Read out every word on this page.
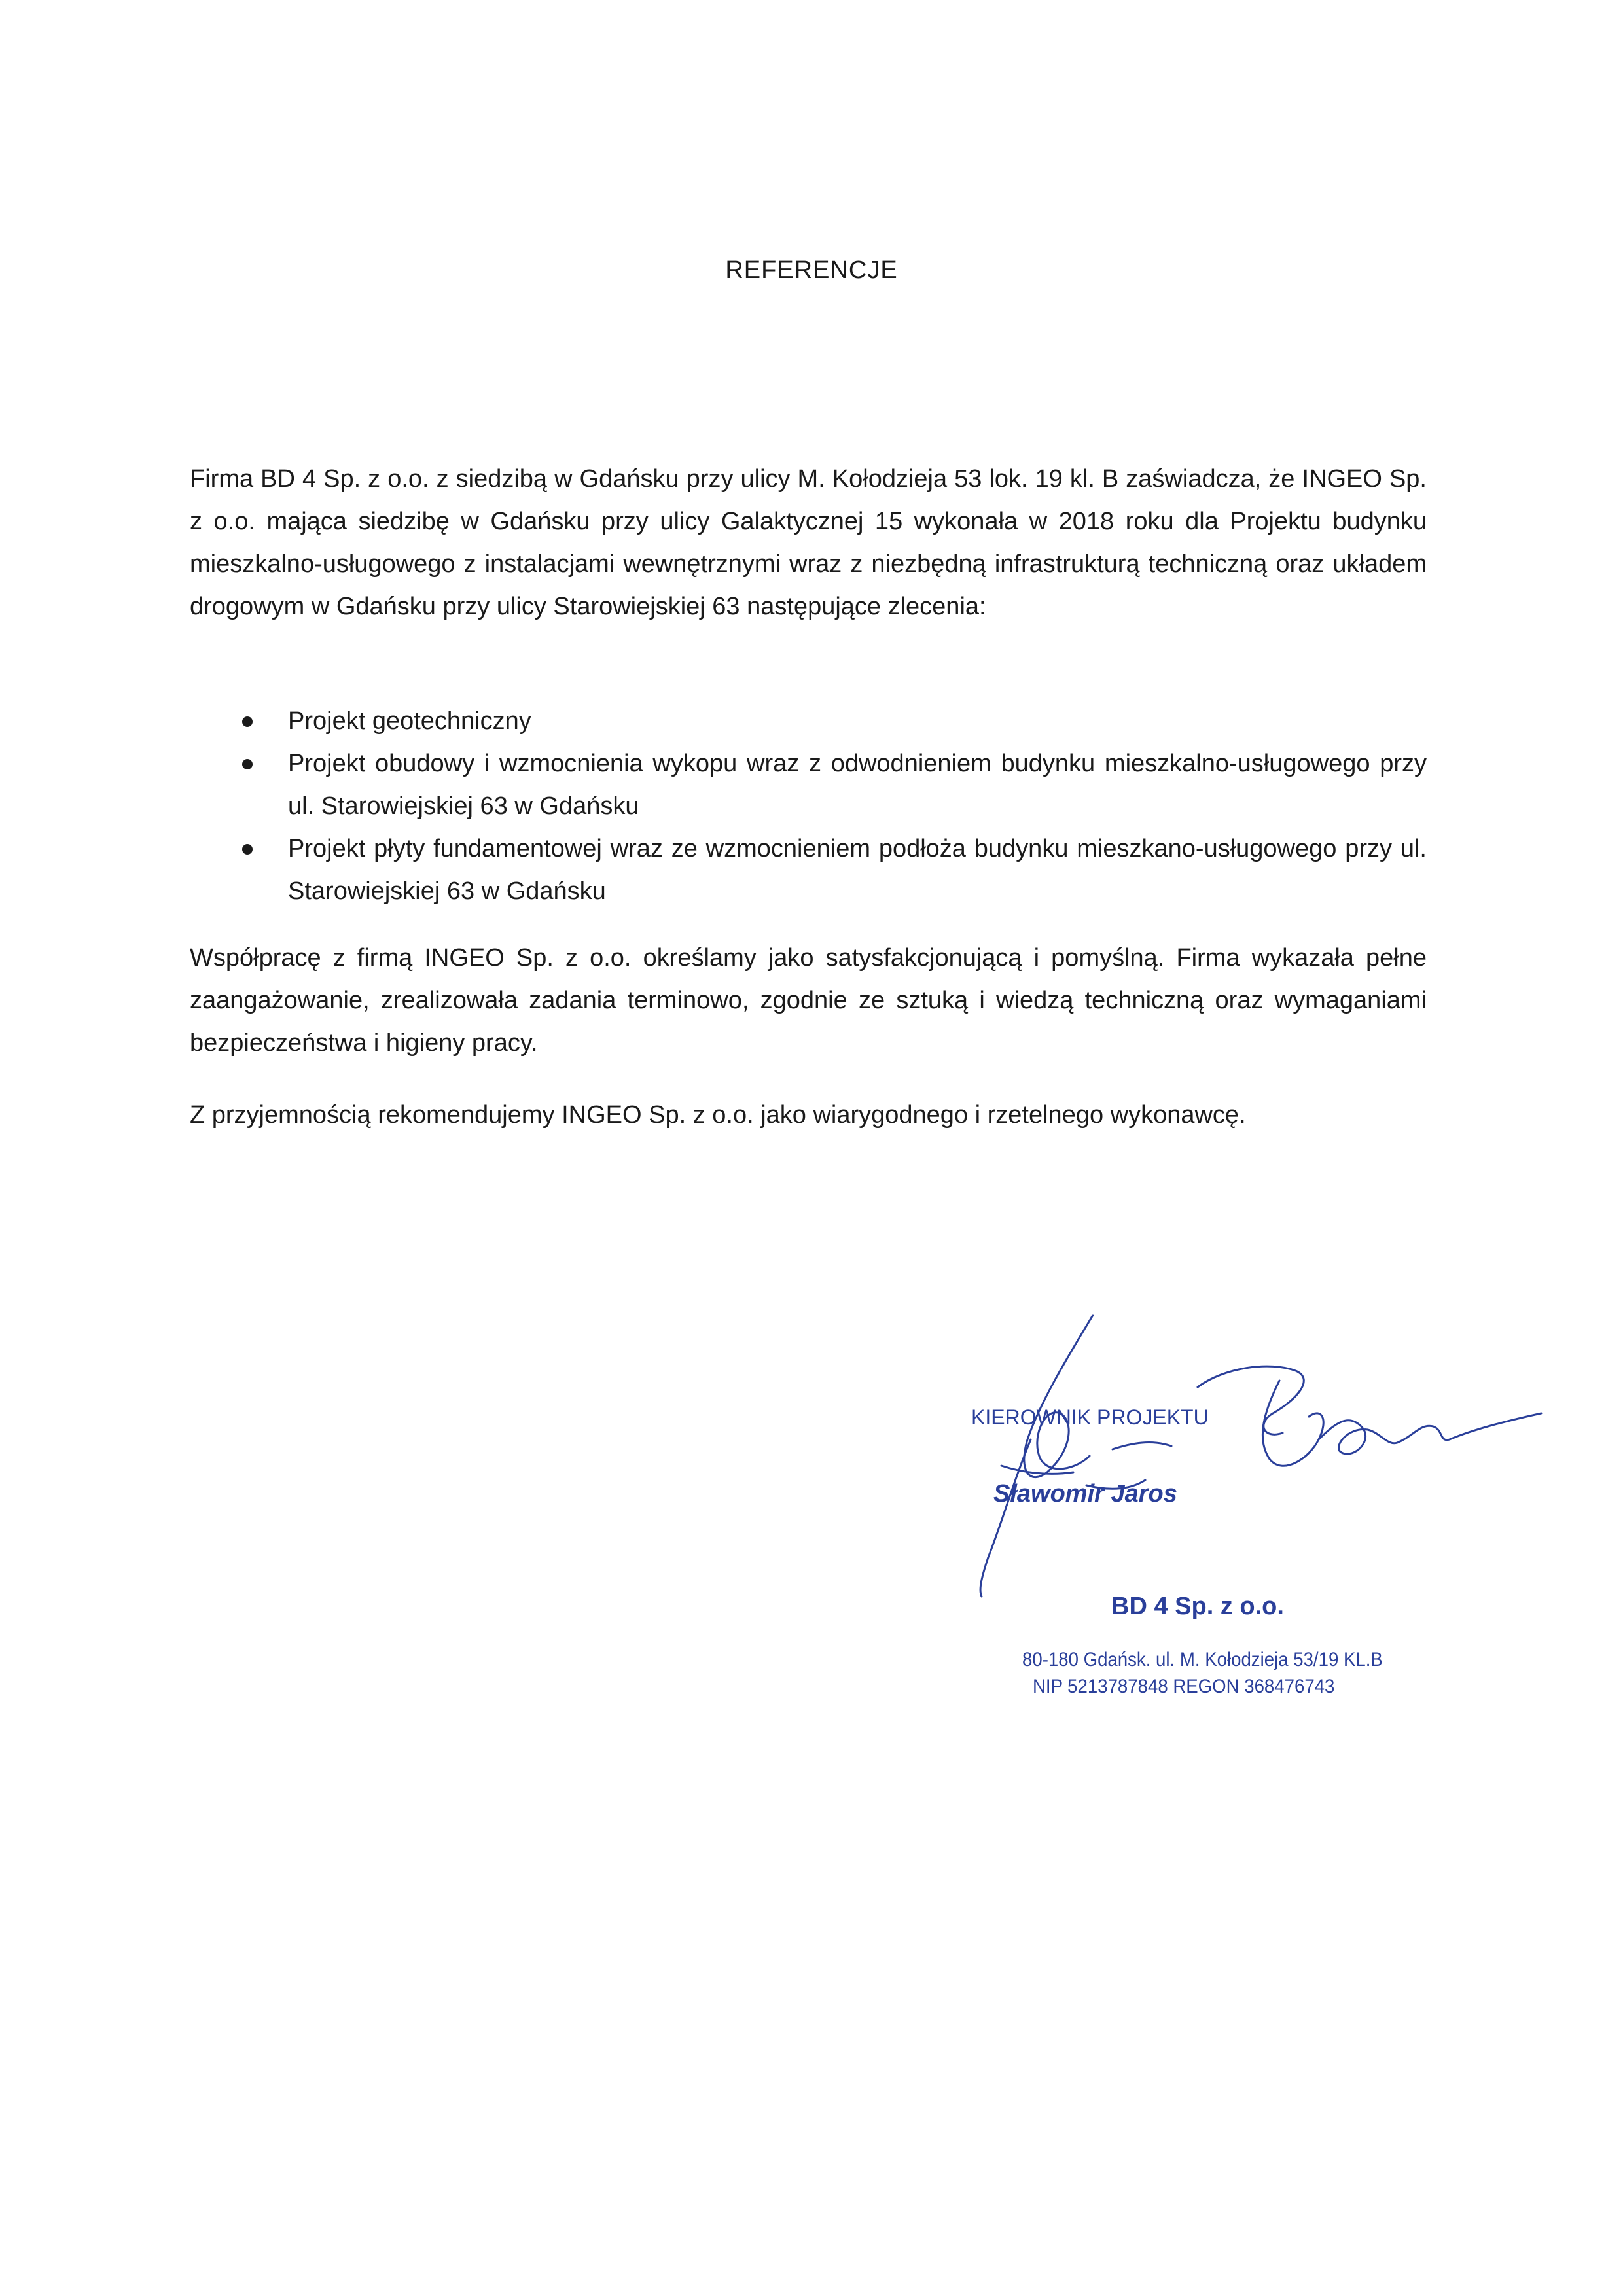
REFERENCJE

Firma BD 4 Sp. z o.o. z siedzibą w Gdańsku przy ulicy M. Kołodzieja 53 lok. 19 kl. B zaświadcza, że INGEO Sp. z o.o. mająca siedzibę w Gdańsku przy ulicy Galaktycznej 15 wykonała w 2018 roku dla Projektu budynku mieszkalno-usługowego z instalacjami wewnętrznymi wraz z niezbędną infrastrukturą techniczną oraz układem drogowym w Gdańsku przy ulicy Starowiejskiej 63 następujące zlecenia:

Projekt geotechniczny
Projekt obudowy i wzmocnienia wykopu wraz z odwodnieniem budynku mieszkalno-usługowego przy ul. Starowiejskiej 63 w Gdańsku
Projekt płyty fundamentowej wraz ze wzmocnieniem podłoża budynku mieszkano-usługowego przy ul. Starowiejskiej 63 w Gdańsku

Współpracę z firmą INGEO Sp. z o.o. określamy jako satysfakcjonującą i pomyślną. Firma wykazała pełne zaangażowanie, zrealizowała zadania terminowo, zgodnie ze sztuką i wiedzą techniczną oraz wymaganiami bezpieczeństwa i higieny pracy.

Z przyjemnością rekomendujemy INGEO Sp. z o.o. jako wiarygodnego i rzetelnego wykonawcę.

KIEROWNIK PROJEKTU
Sławomir Jaros
BD 4 Sp. z o.o.
80-180 Gdańsk. ul. M. Kołodzieja 53/19 KL.B
NIP 5213787848 REGON 368476743
